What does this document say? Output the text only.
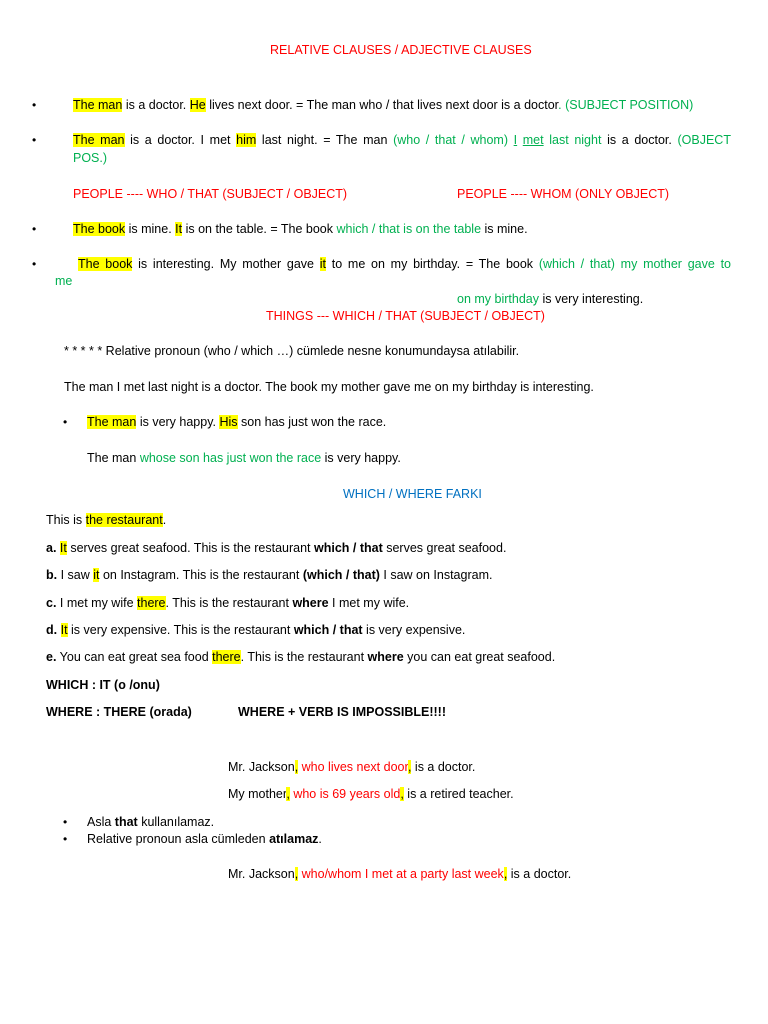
RELATIVE CLAUSES / ADJECTIVE CLAUSES
•	The man is a doctor. He lives next door. = The man who / that lives next door is a doctor. (SUBJECT POSITION)
•	The man is a doctor. I met him last night. = The man (who / that / whom) I met last night is a doctor. (OBJECT
POS.)
PEOPLE ---- WHO / THAT (SUBJECT / OBJECT)	PEOPLE ---- WHOM (ONLY OBJECT)
•	The book is mine. It is on the table. = The book which / that is on the table is mine.
•	The book is interesting. My mother gave it to me on my birthday. = The book (which / that) my mother gave to
me
on my birthday is very interesting.
THINGS --- WHICH / THAT (SUBJECT / OBJECT)
* * * * * Relative pronoun (who / which …) cümlede nesne konumundaysa atılabilir.
The man I met last night is a doctor. The book my mother gave me on my birthday is interesting.
• The man is very happy. His son has just won the race.
The man whose son has just won the race is very happy.
WHICH / WHERE FARKI
This is the restaurant.
a. It serves great seafood. This is the restaurant which / that serves great seafood.
b. I saw it on Instagram. This is the restaurant (which / that) I saw on Instagram.
c. I met my wife there. This is the restaurant where I met my wife.
d. It is very expensive. This is the restaurant which / that is very expensive.
e. You can eat great sea food there. This is the restaurant where you can eat great seafood.
WHICH : IT (o /onu)
WHERE : THERE (orada)	WHERE + VERB IS IMPOSSIBLE!!!!
Mr. Jackson, who lives next door, is a doctor.
My mother, who is 69 years old, is a retired teacher.
• Asla that kullanılamaz.
• Relative pronoun asla cümleden atılamaz.
Mr. Jackson, who/whom I met at a party last week, is a doctor.
